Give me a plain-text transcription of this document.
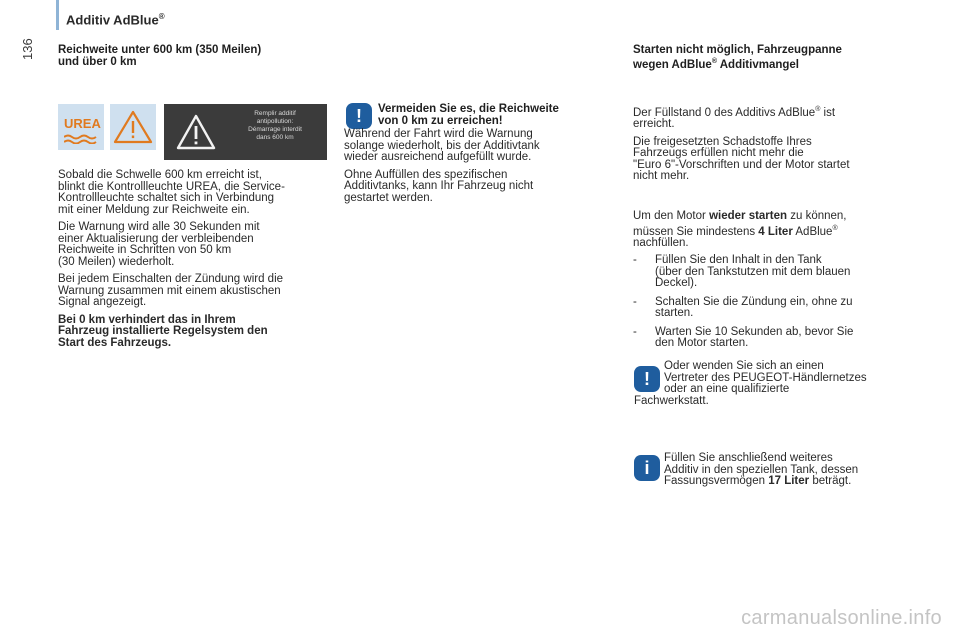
136
Additiv AdBlue®
Reichweite unter 600 km (350 Meilen)
und über 0 km
UREA
Remplir additif
antipollution:
Démarrage interdit
dans 600 km
Sobald die Schwelle 600 km erreicht ist,
blinkt die Kontrollleuchte UREA, die Service-
Kontrollleuchte schaltet sich in Verbindung
mit einer Meldung zur Reichweite ein.
Die Warnung wird alle 30 Sekunden mit
einer Aktualisierung der verbleibenden
Reichweite in Schritten von 50 km
(30 Meilen) wiederholt.
Bei jedem Einschalten der Zündung wird die
Warnung zusammen mit einem akustischen
Signal angezeigt.
Bei 0 km verhindert das in Ihrem
Fahrzeug installierte Regelsystem den
Start des Fahrzeugs.
!	Vermeiden Sie es, die Reichweite
von 0 km zu erreichen!
Während der Fahrt wird die Warnung
solange wiederholt, bis der Additivtank
wieder ausreichend aufgefüllt wurde.
Ohne Auffüllen des spezifischen
Additivtanks, kann Ihr Fahrzeug nicht
gestartet werden.
Starten nicht möglich, Fahrzeugpanne
wegen AdBlue® Additivmangel
Der Füllstand 0 des Additivs AdBlue® ist
erreicht.
Die freigesetzten Schadstoffe Ihres
Fahrzeugs erfüllen nicht mehr die
"Euro 6"-Vorschriften und der Motor startet
nicht mehr.
Um den Motor wieder starten zu können,
müssen Sie mindestens 4 Liter AdBlue®
nachfüllen.
- Füllen Sie den Inhalt in den Tank
(über den Tankstutzen mit dem blauen
Deckel).
- Schalten Sie die Zündung ein, ohne zu
starten.
- Warten Sie 10 Sekunden ab, bevor Sie
den Motor starten.
!
Oder wenden Sie sich an einen
Vertreter des PEUGEOT-Händlernetzes
oder an eine qualifizierte
Fachwerkstatt.
i	Füllen Sie anschließend weiteres
Additiv in den speziellen Tank, dessen
Fassungsvermögen 17 Liter beträgt.
carmanualsonline.info
